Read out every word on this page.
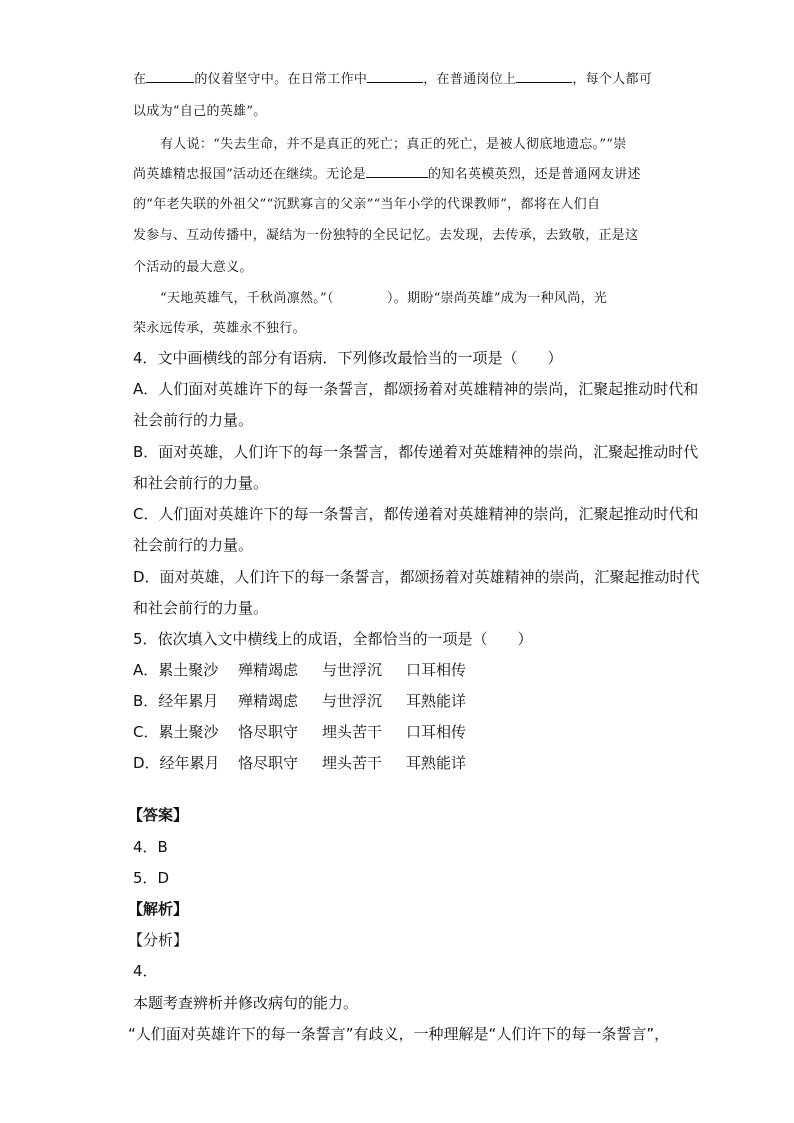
在	的仪着坚守中。在日常工作中	，在普通岗位上	，每个人都可
以成为“自己的英雄”。
有人说：“失去生命，并不是真正的死亡；真正的死亡，是被人彻底地遗忘。”“崇
尚英雄精忠报国”活动还在继续。无论是	的知名英模英烈，还是普通网友讲述
的“年老失联的外祖父”“沉默寡言的父亲”“当年小学的代课教师”，都将在人们自
发参与、互动传播中，凝结为一份独特的全民记忆。去发现，去传承，去致敬，正是这
个活动的最大意义。
“天地英雄气，千秋尚凛然。”（　　　　）。期盼“崇尚英雄”成为一种风尚，光
荣永远传承，英雄永不独行。
4．文中画横线的部分有语病．下列修改最恰当的一项是（　　）
A．人们面对英雄许下的每一条誓言，都颂扬着对英雄精神的崇尚，汇聚起推动时代和
社会前行的力量。
B．面对英雄，人们许下的每一条誓言，都传递着对英雄精神的崇尚，汇聚起推动时代
和社会前行的力量。
C．人们面对英雄许下的每一条誓言，都传递着对英雄精神的崇尚，汇聚起推动时代和
社会前行的力量。
D．面对英雄，人们许下的每一条誓言，都颂扬着对英雄精神的崇尚，汇聚起推动时代
和社会前行的力量。
5．依次填入文中横线上的成语，全都恰当的一项是（　　）
A．累土聚沙 殚精竭虑 与世浮沉 口耳相传
B．经年累月 殚精竭虑 与世浮沉 耳熟能详
C．累土聚沙 恪尽职守 埋头苦干 口耳相传
D．经年累月 恪尽职守 埋头苦干 耳熟能详
【答案】
4．B
5．D
【解析】
【分析】
4．
本题考查辨析并修改病句的能力。
“人们面对英雄许下的每一条誓言”有歧义，一种理解是“人们许下的每一条誓言”，
